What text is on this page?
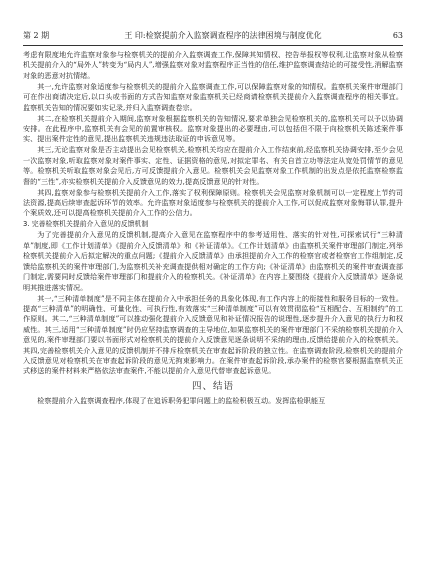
第 2 期	王 印:检察提前介入监察调查程序的法律困境与制度优化	63

考虑有限度地允许监察对象参与检察机关的提前介入监察调查工作,保障其知情权、控告举报权等权利,让监察对象从检察机关提前介入的“局外人”转变为“局内人”,增强监察对象对监察程序正当性的信任,维护监察调查结论的可接受性,消解监察对象的恶意对抗情绪。

其一,允许监察对象适度参与检察机关的提前介入监察调查工作,可以保障监察对象的知情权。监察机关案件审理部门可在作出商请决定后,以口头或书面的方式告知监察对象监察机关已经商请检察机关提前介入监察调查程序的相关事宜。监察机关告知的情况要如实记录,并归入监察调查卷宗。

其二,在检察机关提前介入期间,监察对象根据监察机关的告知情况,要求单独会见检察机关的,监察机关可以予以协调安排。在此程序中,监察机关有会见的前置审核权。监察对象提出的必要理由,可以包括但不限于向检察机关陈述案件事实、提出案件定性的意见,提出监察机关违规违法取证的申诉意见等。

其三,无论监察对象是否主动提出会见检察机关,检察机关均应在提前介入工作结束前,经监察机关协调安排,至少会见一次监察对象,听取监察对象对案件事实、定性、证据资格的意见,对拟定罪名、有关自首立功等法定从宽处罚情节的意见等。检察机关听取监察对象会见后,方可反馈提前介入意见。检察机关会见监察对象工作机制的出发点是依托监察检察监督的“三性”,亦实检察机关提前介入反馈意见的效力,提高反馈意见的针对性。

其四,监察对象参与检察机关提前介入工作,落实了权利保障原则。检察机关会见监察对象机制可以一定程度上节约司法资源,提高后续审查起诉环节的效率。允许监察对象适度参与检察机关的提前介入工作,可以促成监察对象悔罪认罪,提升个案质效,还可以提高检察机关提前介入工作的公信力。

3. 完善检察机关提前介入意见的反馈机制

为了完善提前介入意见的反馈机制,提高介入意见在监察程序中的参考适用性、落实的针对性,可探索试行“三种清单”制度,即《工作计划清单》《提前介入反馈清单》和《补证清单》。《工作计划清单》由监察机关案件审理部门制定,列举检察机关提前介入后拟定解决的重点问题;《提前介入反馈清单》由承担提前介入工作的检察官或者检察官工作组制定,反馈给监察机关的案件审理部门,为监察机关补充调查提供相对确定的工作方向;《补证清单》由监察机关的案件审查调查部门制定,需要同时反馈给案件审理部门和提前介入的检察机关。《补证清单》在内容上要围绕《提前介入反馈清单》逐条说明其推进落实情况。

其一,“三种清单制度”是不同主体在提前介入中承担任务的具象化体现,有工作内容上的衔接性和服务目标的一致性。提高“三种清单”的明确性、可量化性、可执行性,有效落实“三种清单制度”可以有效贯彻监检“互相配合、互相制约”的工作原则。其二,“三种清单制度”可以推动强化提前介入反馈意见和补证情况报告的说理性,逐步提升介入意见的执行力和权威性。其三,适用“三种清单制度”时仍应坚持监察调查的主导地位,如果监察机关的案件审理部门不采纳检察机关提前介入意见的,案件审理部门要以书面形式对检察机关的提前介入反馈意见逐条说明不采纳的理由,反馈给提前介入的检察机关。其四,完善检察机关介入意见的反馈机制并不排斥检察机关在审查起诉阶段的独立性。在监察调查阶段,检察机关的提前介入反馈意见对检察机关在审查起诉阶段的意见无拘束影响力。在案件审查起诉阶段,承办案件的检察官要根据监察机关正式移送的案件材料来严格依法审查案件,不能以提前介入意见代替审查起诉意见。

四、结语

检察提前介入监察调查程序,体现了在追诉职务犯罪问题上的监检积极互动。发挥监检职能互
